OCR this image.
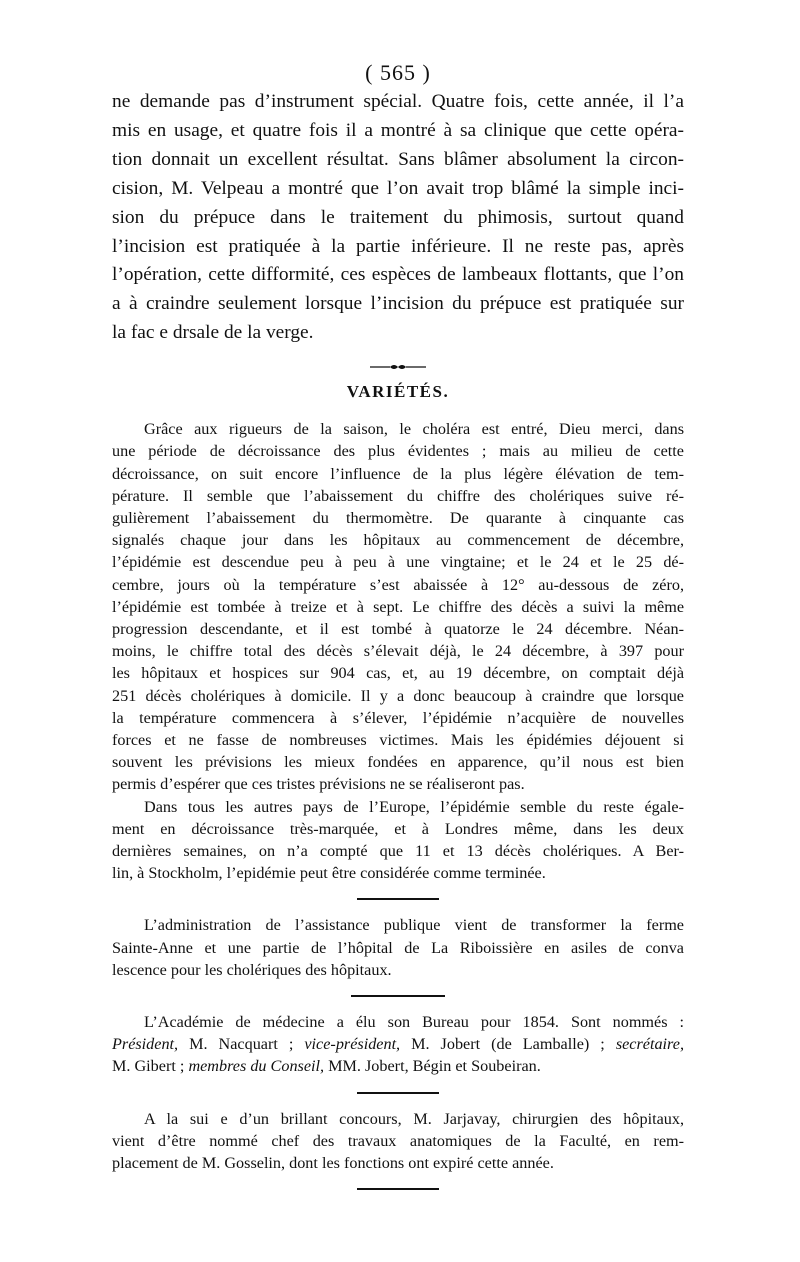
( 565 )

ne demande pas d’instrument spécial. Quatre fois, cette année, il l’a
mis en usage, et quatre fois il a montré à sa clinique que cette opéra-
tion donnait un excellent résultat. Sans blâmer absolument la circon-
cision, M. Velpeau a montré que l’on avait trop blâmé la simple inci-
sion du prépuce dans le traitement du phimosis, surtout quand
l’incision est pratiquée à la partie inférieure. Il ne reste pas, après
l’opération, cette difformité, ces espèces de lambeaux flottants, que l’on
a à craindre seulement lorsque l’incision du prépuce est pratiquée sur
la fac e drsale de la verge.

VARIÉTÉS.

Grâce aux rigueurs de la saison, le choléra est entré, Dieu merci, dans
une période de décroissance des plus évidentes ; mais au milieu de cette
décroissance, on suit encore l’influence de la plus légère élévation de tem-
pérature. Il semble que l’abaissement du chiffre des cholériques suive ré-
gulièrement l’abaissement du thermomètre. De quarante à cinquante cas
signalés chaque jour dans les hôpitaux au commencement de décembre,
l’épidémie est descendue peu à peu à une vingtaine; et le 24 et le 25 dé-
cembre, jours où la température s’est abaissée à 12° au-dessous de zéro,
l’épidémie est tombée à treize et à sept. Le chiffre des décès a suivi la même
progression descendante, et il est tombé à quatorze le 24 décembre. Néan-
moins, le chiffre total des décès s’élevait déjà, le 24 décembre, à 397 pour
les hôpitaux et hospices sur 904 cas, et, au 19 décembre, on comptait déjà
251 décès cholériques à domicile. Il y a donc beaucoup à craindre que lorsque
la température commencera à s’élever, l’épidémie n’acquière de nouvelles
forces et ne fasse de nombreuses victimes. Mais les épidémies déjouent si
souvent les prévisions les mieux fondées en apparence, qu’il nous est bien
permis d’espérer que ces tristes prévisions ne se réaliseront pas.

Dans tous les autres pays de l’Europe, l’épidémie semble du reste égale-
ment en décroissance très-marquée, et à Londres même, dans les deux
dernières semaines, on n’a compté que 11 et 13 décès cholériques. A Ber-
lin, à Stockholm, l’epidémie peut être considérée comme terminée.

L’administration de l’assistance publique vient de transformer la ferme
Sainte-Anne et une partie de l’hôpital de La Riboissière en asiles de conva
lescence pour les cholériques des hôpitaux.

L’Académie de médecine a élu son Bureau pour 1854. Sont nommés :
Président, M. Nacquart ; vice-président, M. Jobert (de Lamballe) ; secrétaire,
M. Gibert ; membres du Conseil, MM. Jobert, Bégin et Soubeiran.

A la sui e d’un brillant concours, M. Jarjavay, chirurgien des hôpitaux,
vient d’être nommé chef des travaux anatomiques de la Faculté, en rem-
placement de M. Gosselin, dont les fonctions ont expiré cette année.
